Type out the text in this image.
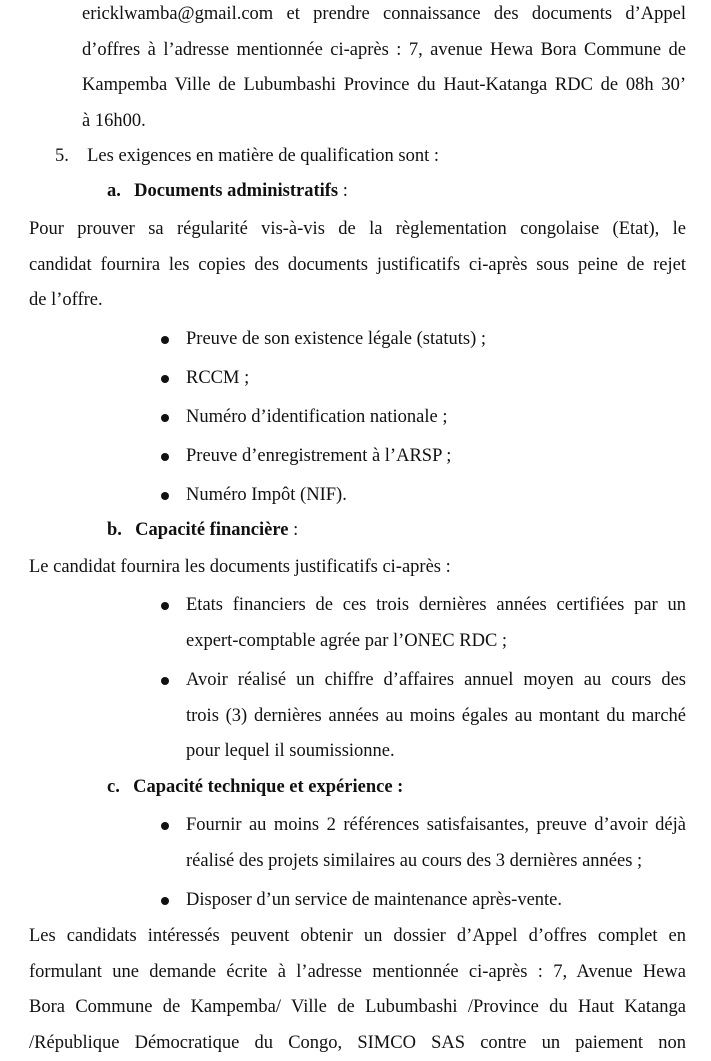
ericklwamba@gmail.com et prendre connaissance des documents d’Appel
d’offres à l’adresse mentionnée ci-après : 7, avenue Hewa Bora Commune de
Kampemba Ville de Lubumbashi Province du Haut-Katanga RDC de 08h 30’
à 16h00.
5. Les exigences en matière de qualification sont :
a. Documents administratifs :
Pour prouver sa régularité vis-à-vis de la règlementation congolaise (Etat), le
candidat fournira les copies des documents justificatifs ci-après sous peine de rejet
de l’offre.
Preuve de son existence légale (statuts) ;
RCCM ;
Numéro d’identification nationale ;
Preuve d’enregistrement à l’ARSP ;
Numéro Impôt (NIF).
b. Capacité financière :
Le candidat fournira les documents justificatifs ci-après :
Etats financiers de ces trois dernières années certifiées par un
expert-comptable agrée par l’ONEC RDC ;
Avoir réalisé un chiffre d’affaires annuel moyen au cours des
trois (3) dernières années au moins égales au montant du marché
pour lequel il soumissionne.
c. Capacité technique et expérience :
Fournir au moins 2 références satisfaisantes, preuve d’avoir déjà
réalisé des projets similaires au cours des 3 dernières années ;
Disposer d’un service de maintenance après-vente.
Les candidats intéressés peuvent obtenir un dossier d’Appel d’offres complet en
formulant une demande écrite à l’adresse mentionnée ci-après : 7, Avenue Hewa
Bora Commune de Kampemba/ Ville de Lubumbashi /Province du Haut Katanga
/République Démocratique du Congo, SIMCO SAS contre un paiement non
